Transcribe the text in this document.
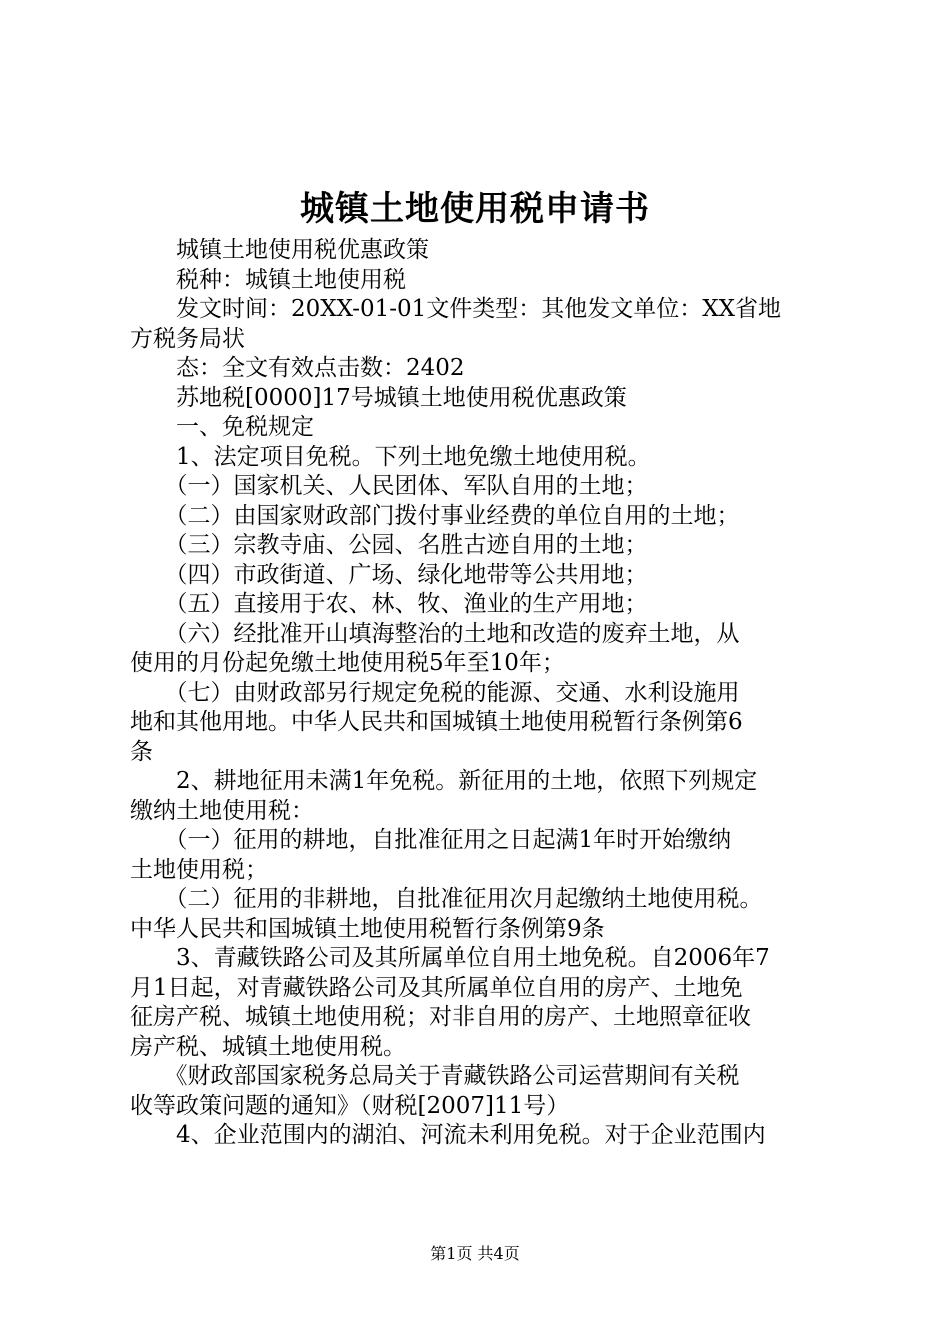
城镇土地使用税申请书
　　城镇土地使用税优惠政策
　　税种：城镇土地使用税
　　发文时间：20XX-01-01文件类型：其他发文单位：XX省地
方税务局状
　　态：全文有效点击数：2402
　　苏地税[0000]17号城镇土地使用税优惠政策
　　一、免税规定
　　1、法定项目免税。下列土地免缴土地使用税。
　　（一）国家机关、人民团体、军队自用的土地；
　　（二）由国家财政部门拨付事业经费的单位自用的土地；
　　（三）宗教寺庙、公园、名胜古迹自用的土地；
　　（四）市政街道、广场、绿化地带等公共用地；
　　（五）直接用于农、林、牧、渔业的生产用地；
　　（六）经批准开山填海整治的土地和改造的废弃土地，从
使用的月份起免缴土地使用税5年至10年；
　　（七）由财政部另行规定免税的能源、交通、水利设施用
地和其他用地。中华人民共和国城镇土地使用税暂行条例第6
条
　　2、耕地征用未满1年免税。新征用的土地，依照下列规定
缴纳土地使用税：
　　（一）征用的耕地，自批准征用之日起满1年时开始缴纳
土地使用税；
　　（二）征用的非耕地，自批准征用次月起缴纳土地使用税。
中华人民共和国城镇土地使用税暂行条例第9条
　　3、青藏铁路公司及其所属单位自用土地免税。自2006年7
月1日起，对青藏铁路公司及其所属单位自用的房产、土地免
征房产税、城镇土地使用税；对非自用的房产、土地照章征收
房产税、城镇土地使用税。
　　《财政部国家税务总局关于青藏铁路公司运营期间有关税
收等政策问题的通知》（财税[2007]11号）
　　4、企业范围内的湖泊、河流未利用免税。对于企业范围内
第1页 共4页
